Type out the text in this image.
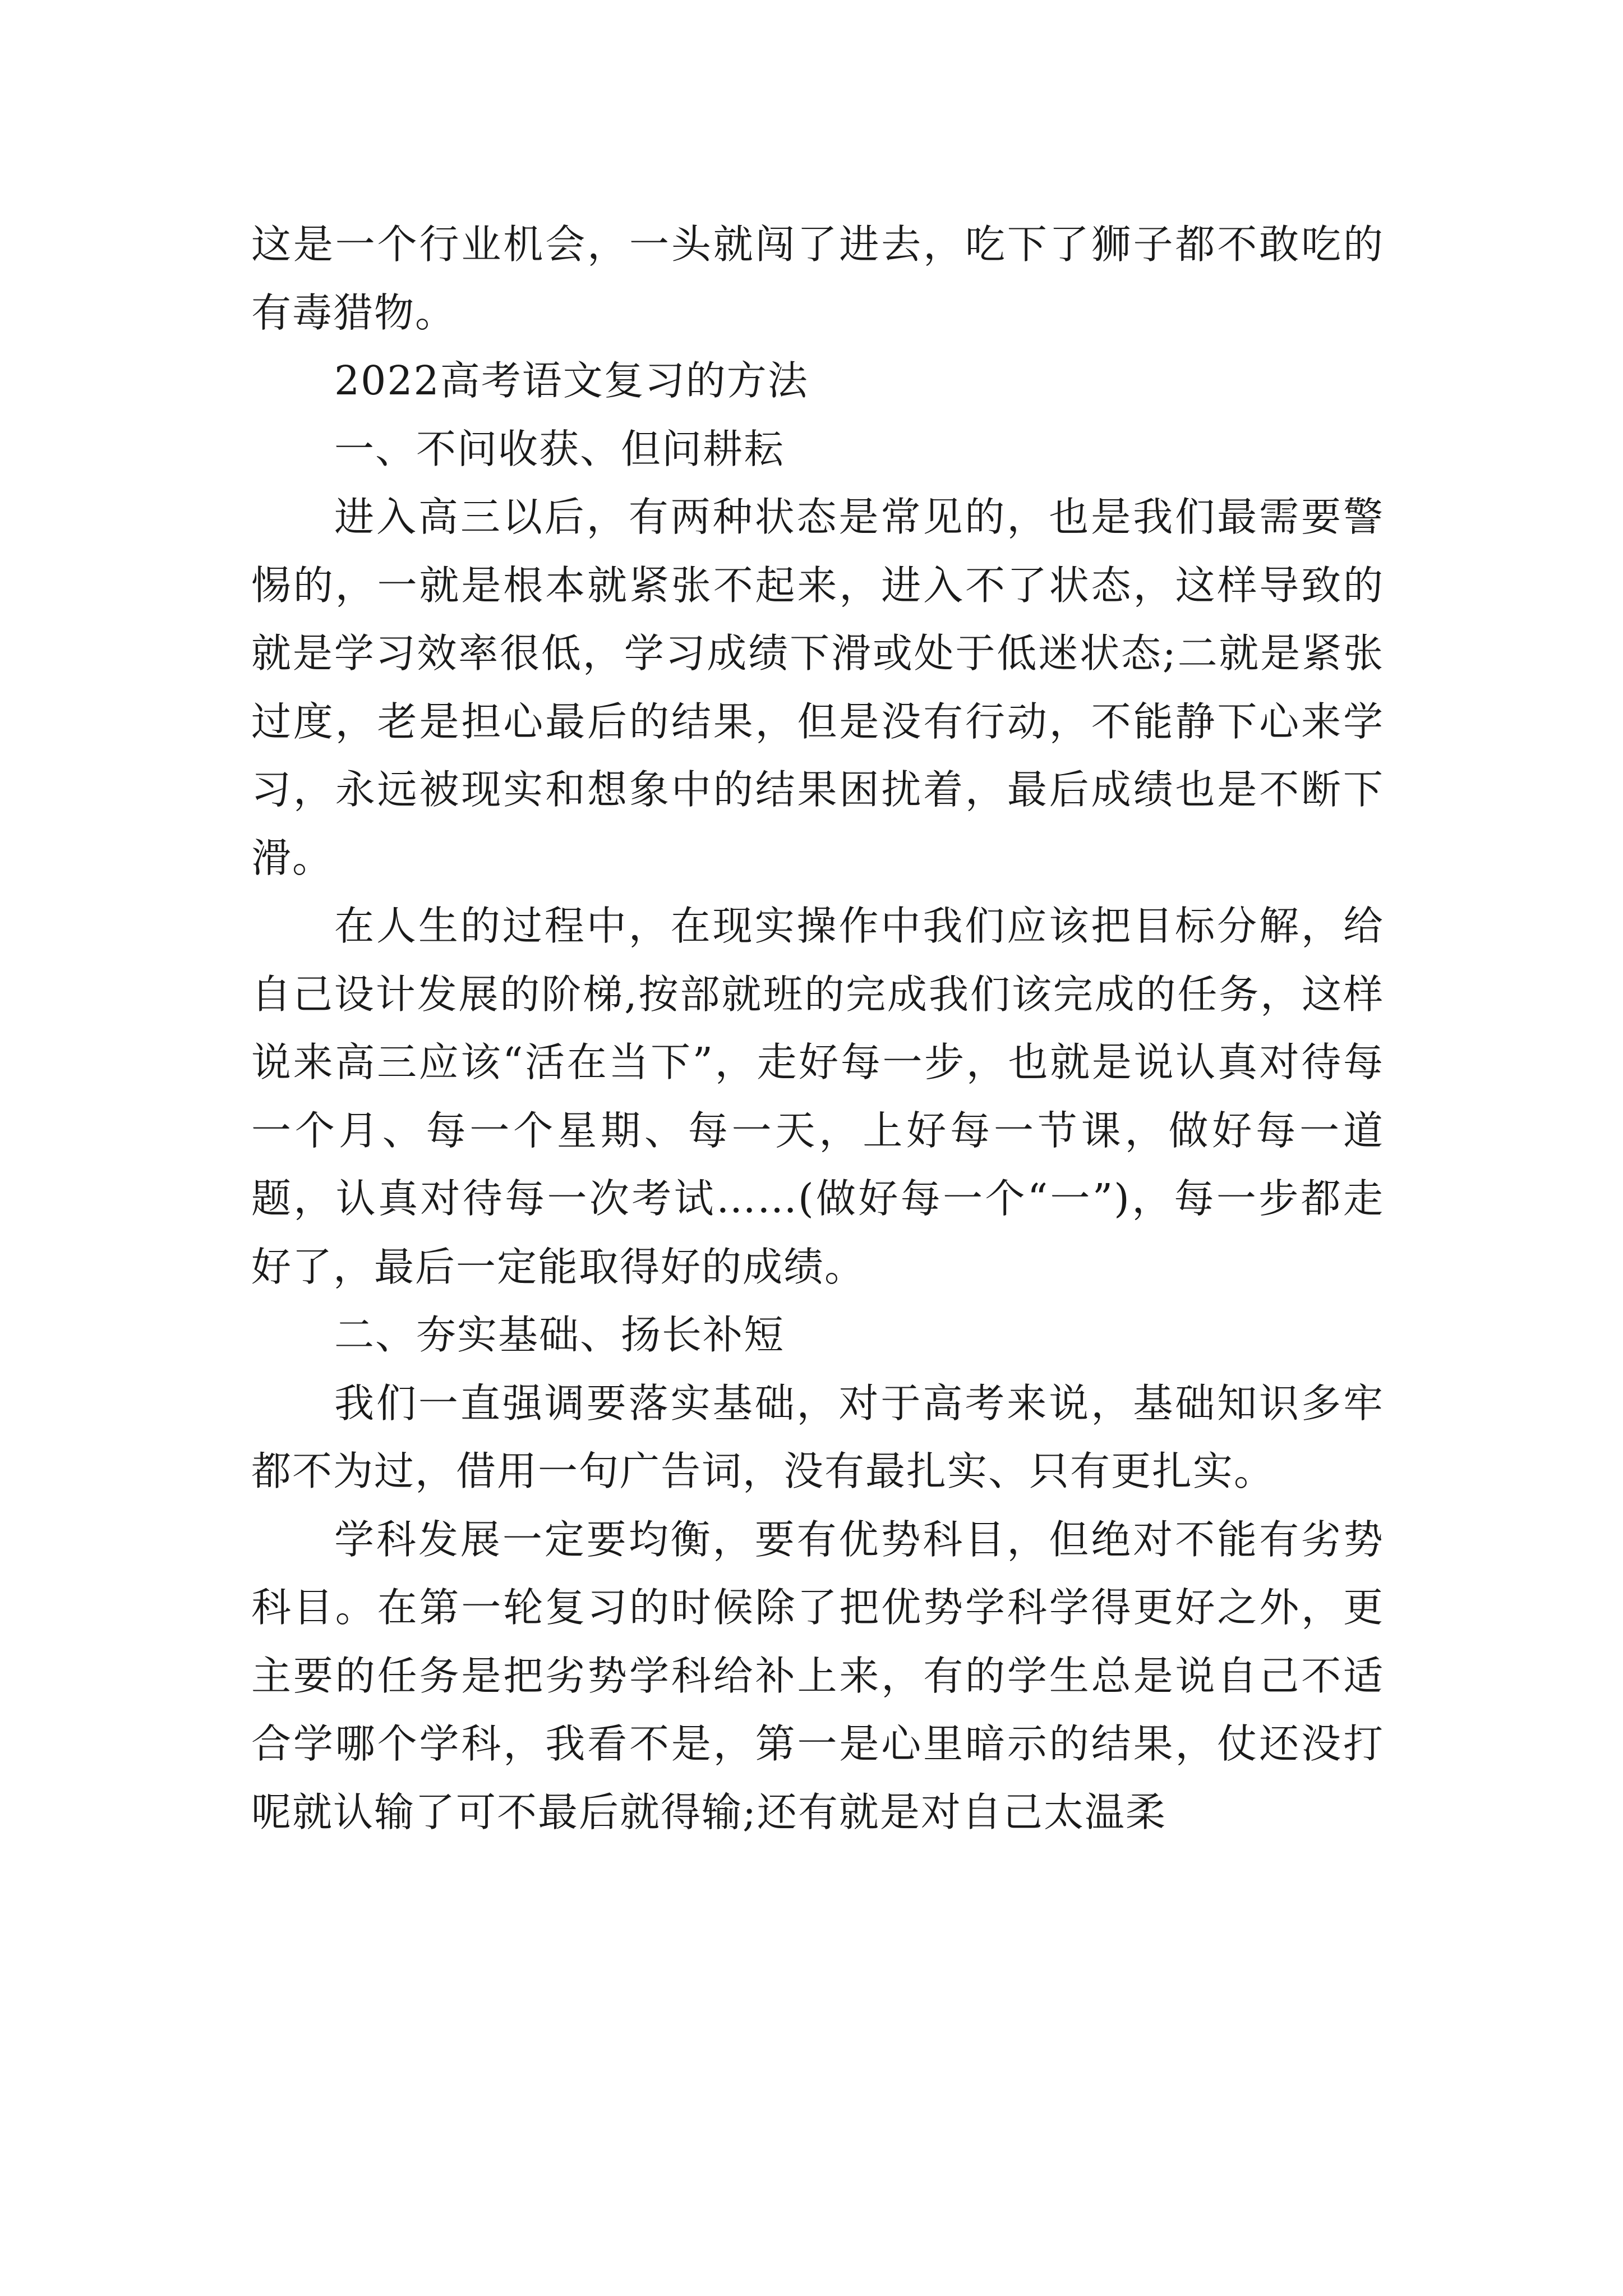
这是一个行业机会，一头就闯了进去，吃下了狮子都不敢吃的有毒猎物。

2022高考语文复习的方法

一、不问收获、但问耕耘

进入高三以后，有两种状态是常见的，也是我们最需要警惕的，一就是根本就紧张不起来，进入不了状态，这样导致的就是学习效率很低，学习成绩下滑或处于低迷状态;二就是紧张过度，老是担心最后的结果，但是没有行动，不能静下心来学习，永远被现实和想象中的结果困扰着，最后成绩也是不断下滑。

在人生的过程中，在现实操作中我们应该把目标分解，给自己设计发展的阶梯,按部就班的完成我们该完成的任务，这样说来高三应该“活在当下”，走好每一步，也就是说认真对待每一个月、每一个星期、每一天，上好每一节课，做好每一道题，认真对待每一次考试……(做好每一个“一”)，每一步都走好了，最后一定能取得好的成绩。

二、夯实基础、扬长补短

我们一直强调要落实基础，对于高考来说，基础知识多牢都不为过，借用一句广告词，没有最扎实、只有更扎实。

学科发展一定要均衡，要有优势科目，但绝对不能有劣势科目。在第一轮复习的时候除了把优势学科学得更好之外，更主要的任务是把劣势学科给补上来，有的学生总是说自己不适合学哪个学科，我看不是，第一是心里暗示的结果，仗还没打呢就认输了可不最后就得输;还有就是对自己太温柔
